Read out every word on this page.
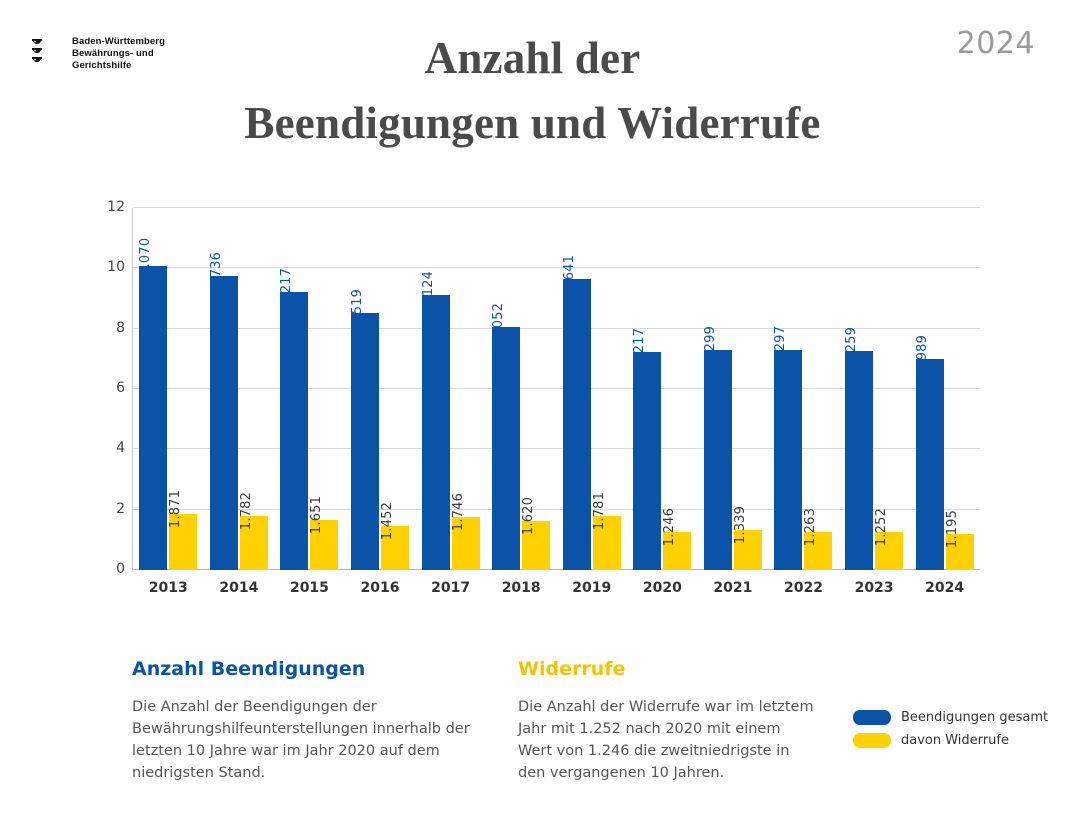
Baden-Württemberg
Bewährungs- und
Gerichtshilfe
2024
Anzahl der
Beendigungen und Widerrufe
0
2
4
6
8
10
12
10.070
1.871
2013
9.736
1.782
2014
9.217
1.651
2015
8.519
1.452
2016
9.124
1.746
2017
8.052
1.620
2018
9.641
1.781
2019
7.217
1.246
2020
7.299
1.339
2021
7.297
1.263
2022
7.259
1.252
2023
6.989
1.195
2024
Anzahl Beendigungen

Die Anzahl der Beendigungen der Bewährungshilfeunterstellungen innerhalb der letzten 10 Jahre war im Jahr 2020 auf dem niedrigsten Stand.

Widerrufe

Die Anzahl der Widerrufe war im letztem Jahr mit 1.252 nach 2020 mit einem Wert von 1.246 die zweitniedrigste in den vergangenen 10 Jahren.

Beendigungen gesamt
davon Widerrufe
